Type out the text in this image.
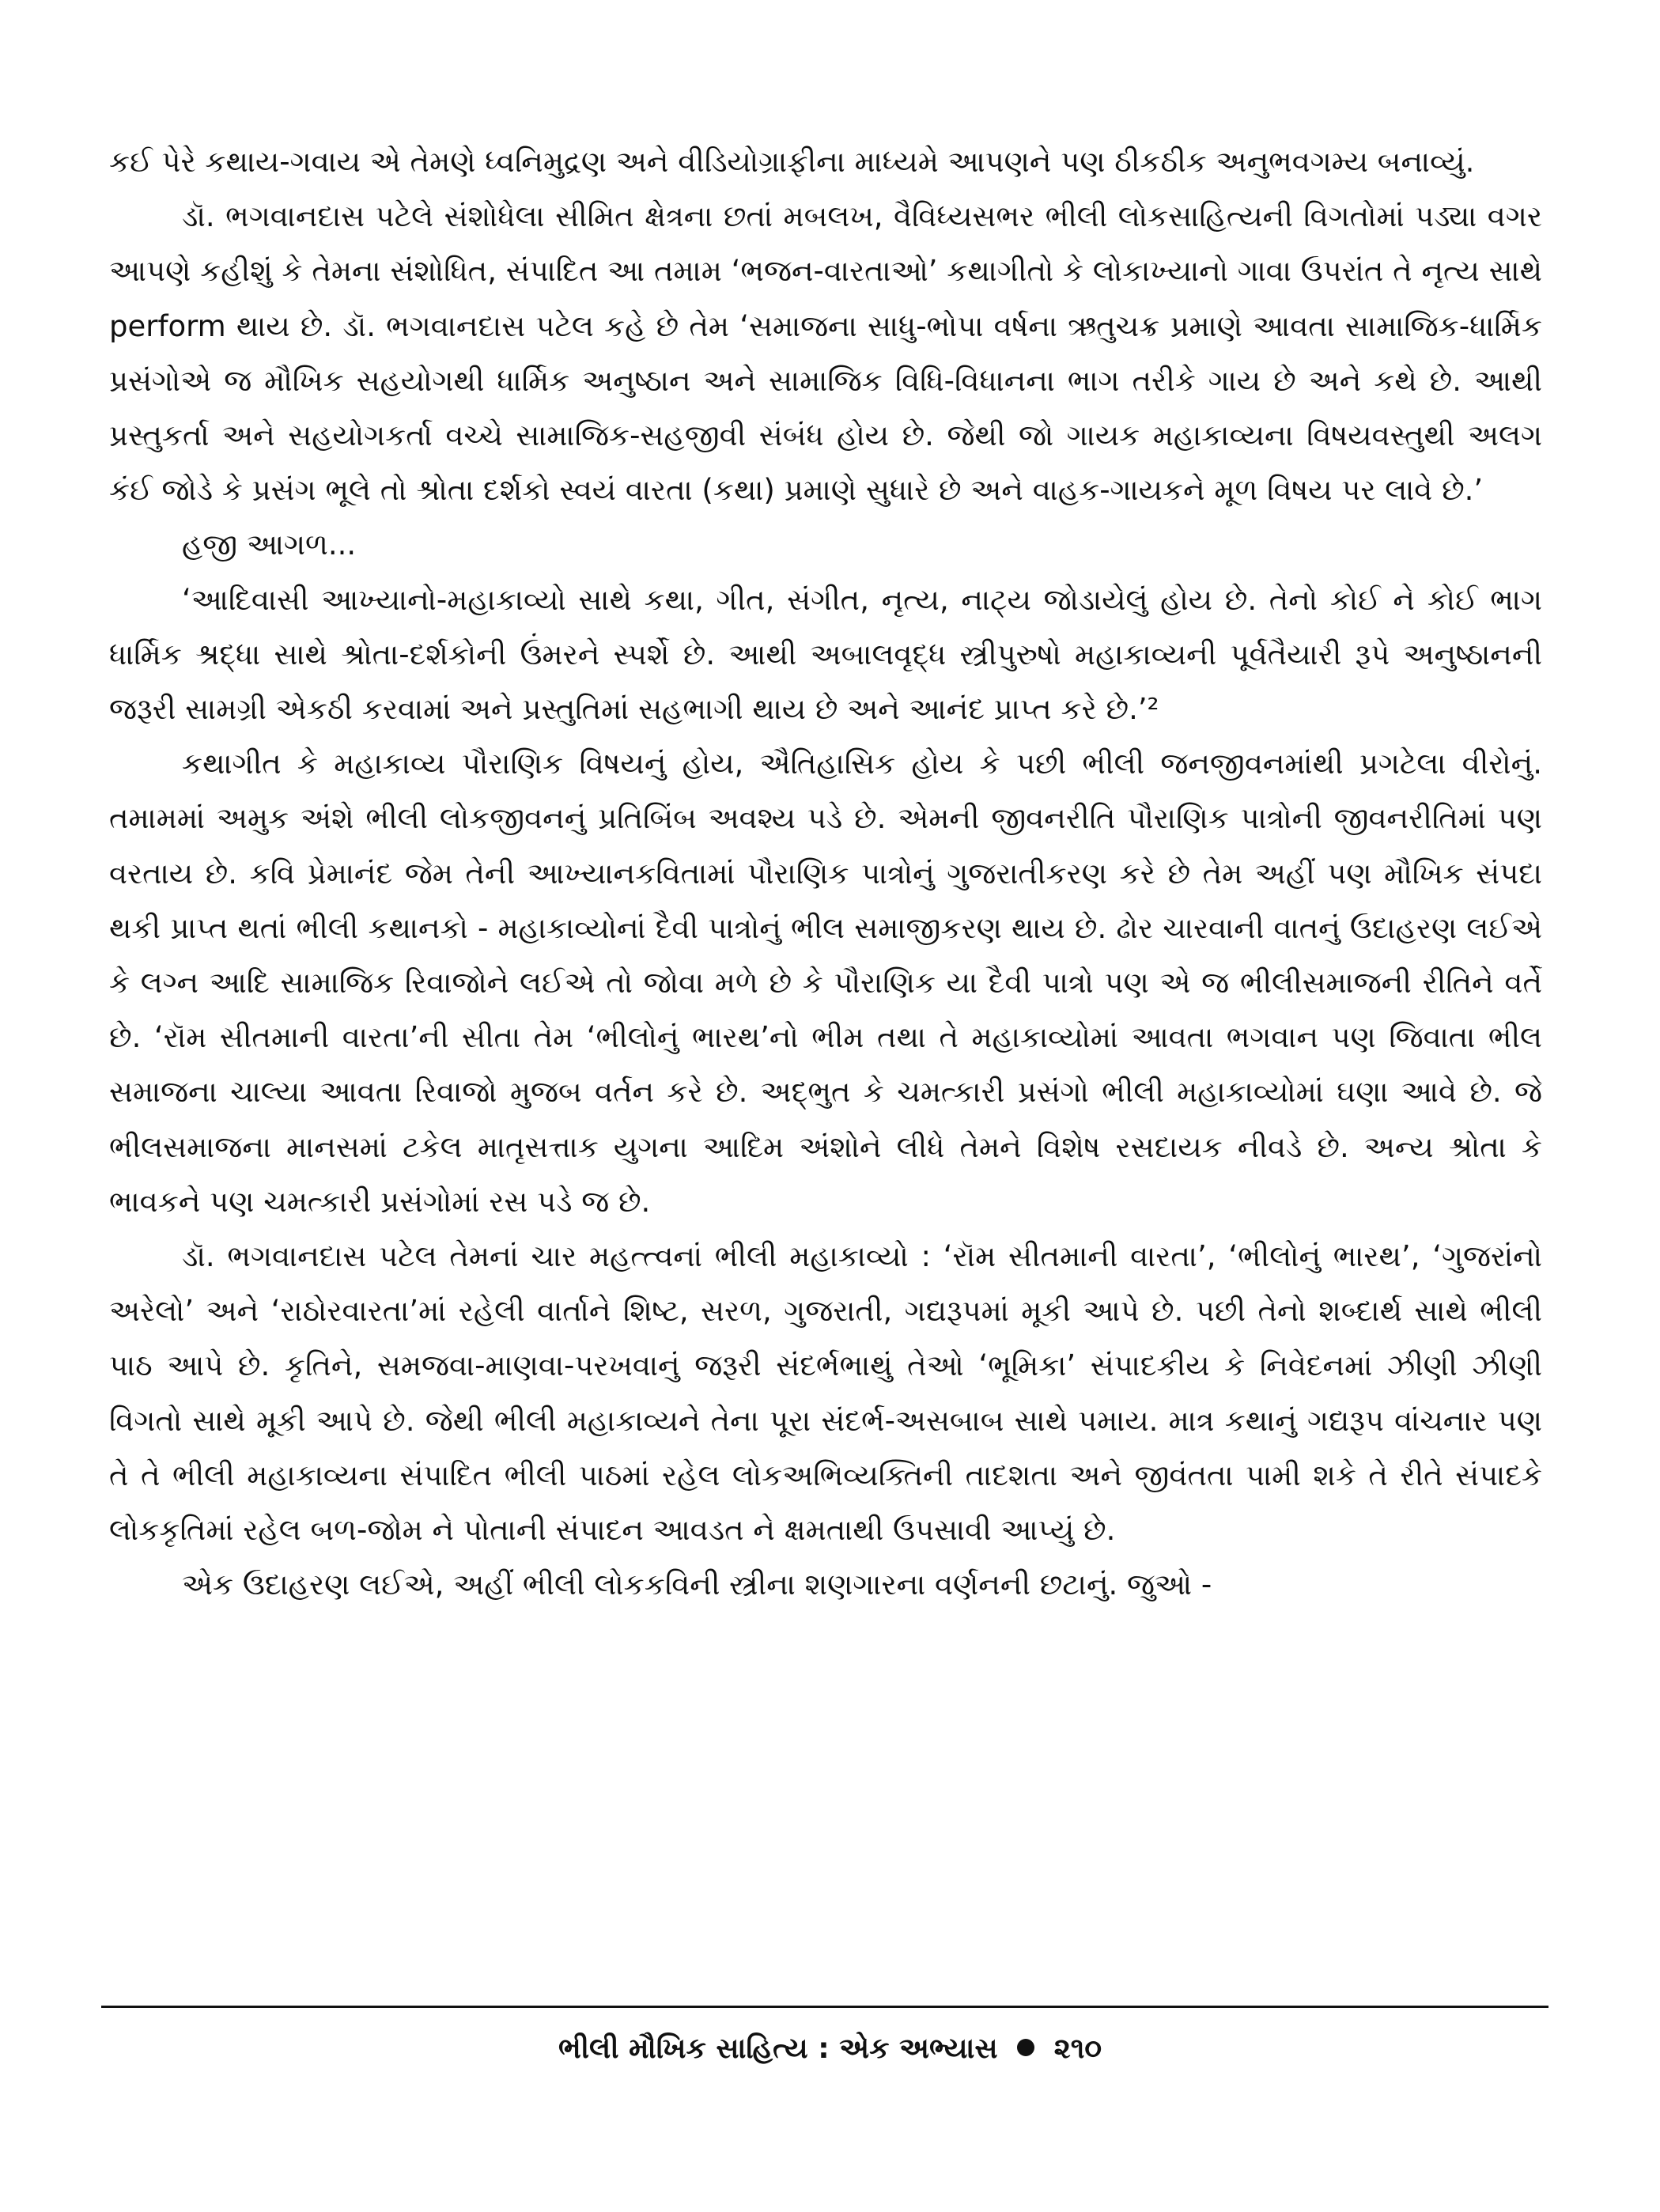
કઈ પેરે કથાય-ગવાય એ તેમણે ધ્વનિમુદ્રણ અને વીડિયોગ્રાફીના માધ્યમે આપણને પણ ઠીકઠીક અનુભવગમ્ય બનાવ્યું.

ડૉ. ભગવાનદાસ પટેલે સંશોધેલા સીમિત ક્ષેત્રના છતાં મબલખ, વૈવિધ્યસભર ભીલી લોકસાહિત્યની વિગતોમાં પડ્યા વગર આપણે કહીશું કે તેમના સંશોધિત, સંપાદિત આ તમામ ‘ભજન-વારતાઓ’ કથાગીતો કે લોકાખ્યાનો ગાવા ઉપરાંત તે નૃત્ય સાથે perform થાય છે. ડૉ. ભગવાનદાસ પટેલ કહે છે તેમ ‘સમાજના સાધુ-ભોપા વર્ષના ઋતુચક્ર પ્રમાણે આવતા સામાજિક-ધાર્મિક પ્રસંગોએ જ મૌખિક સહયોગથી ધાર્મિક અનુષ્ઠાન અને સામાજિક વિધિ-વિધાનના ભાગ તરીકે ગાય છે અને કથે છે. આથી પ્રસ્તુકર્તા અને સહયોગકર્તા વચ્ચે સામાજિક-સહજીવી સંબંધ હોય છે. જેથી જો ગાયક મહાકાવ્યના વિષયવસ્તુથી અલગ કંઈ જોડે કે પ્રસંગ ભૂલે તો શ્રોતા દર્શકો સ્વયં વારતા (કથા) પ્રમાણે સુધારે છે અને વાહક-ગાયકને મૂળ વિષય પર લાવે છે.’

હજી આગળ...

‘આદિવાસી આખ્યાનો-મહાકાવ્યો સાથે કથા, ગીત, સંગીત, નૃત્ય, નાટ્ય જોડાયેલું હોય છે. તેનો કોઈ ને કોઈ ભાગ ધાર્મિક શ્રદ્ધા સાથે શ્રોતા-દર્શકોની ઉંમરને સ્પર્શે છે. આથી અબાલવૃદ્ધ સ્ત્રીપુરુષો મહાકાવ્યની પૂર્વતૈયારી રૂપે અનુષ્ઠાનની જરૂરી સામગ્રી એકઠી કરવામાં અને પ્રસ્તુતિમાં સહભાગી થાય છે અને આનંદ પ્રાપ્ત કરે છે.’²

કથાગીત કે મહાકાવ્ય પૌરાણિક વિષયનું હોય, ઐતિહાસિક હોય કે પછી ભીલી જનજીવનમાંથી પ્રગટેલા વીરોનું. તમામમાં અમુક અંશે ભીલી લોકજીવનનું પ્રતિબિંબ અવશ્ય પડે છે. એમની જીવનરીતિ પૌરાણિક પાત્રોની જીવનરીતિમાં પણ વરતાય છે. કવિ પ્રેમાનંદ જેમ તેની આખ્યાનકવિતામાં પૌરાણિક પાત્રોનું ગુજરાતીકરણ કરે છે તેમ અહીં પણ મૌખિક સંપદા થકી પ્રાપ્ત થતાં ભીલી કથાનકો - મહાકાવ્યોનાં દૈવી પાત્રોનું ભીલ સમાજીકરણ થાય છે. ઢોર ચારવાની વાતનું ઉદાહરણ લઈએ કે લગ્ન આદિ સામાજિક રિવાજોને લઈએ તો જોવા મળે છે કે પૌરાણિક યા દૈવી પાત્રો પણ એ જ ભીલીસમાજની રીતિને વર્તે છે. ‘રૉમ સીતમાની વારતા’ની સીતા તેમ ‘ભીલોનું ભારથ’નો ભીમ તથા તે મહાકાવ્યોમાં આવતા ભગવાન પણ જિવાતા ભીલ સમાજના ચાલ્યા આવતા રિવાજો મુજબ વર્તન કરે છે. અદ્‌ભુત કે ચમત્કારી પ્રસંગો ભીલી મહાકાવ્યોમાં ઘણા આવે છે. જે ભીલસમાજના માનસમાં ટકેલ માતૃસત્તાક યુગના આદિમ અંશોને લીધે તેમને વિશેષ રસદાયક નીવડે છે. અન્ય શ્રોતા કે ભાવકને પણ ચમત્કારી પ્રસંગોમાં રસ પડે જ છે.

ડૉ. ભગવાનદાસ પટેલ તેમનાં ચાર મહત્ત્વનાં ભીલી મહાકાવ્યો : ‘રૉમ સીતમાની વારતા’, ‘ભીલોનું ભારથ’, ‘ગુજરાંનો અરેલો’ અને ‘રાઠોરવારતા’માં રહેલી વાર્તાને શિષ્ટ, સરળ, ગુજરાતી, ગદ્યરૂપમાં મૂકી આપે છે. પછી તેનો શબ્દાર્થ સાથે ભીલી પાઠ આપે છે. કૃતિને, સમજવા-માણવા-પરખવાનું જરૂરી સંદર્ભભાથું તેઓ ‘ભૂમિકા’ સંપાદકીય કે નિવેદનમાં ઝીણી ઝીણી વિગતો સાથે મૂકી આપે છે. જેથી ભીલી મહાકાવ્યને તેના પૂરા સંદર્ભ-અસબાબ સાથે પમાય. માત્ર કથાનું ગદ્યરૂપ વાંચનાર પણ તે તે ભીલી મહાકાવ્યના સંપાદિત ભીલી પાઠમાં રહેલ લોકઅભિવ્યક્તિની તાદશતા અને જીવંતતા પામી શકે તે રીતે સંપાદકે લોકકૃતિમાં રહેલ બળ-જોમ ને પોતાની સંપાદન આવડત ને ક્ષમતાથી ઉપસાવી આપ્યું છે.

એક ઉદાહરણ લઈએ, અહીં ભીલી લોકકવિની સ્ત્રીના શણગારના વર્ણનની છટાનું. જુઓ -

ભીલી મૌખિક સાહિત્ય : એક અભ્યાસ ૨૧૦
